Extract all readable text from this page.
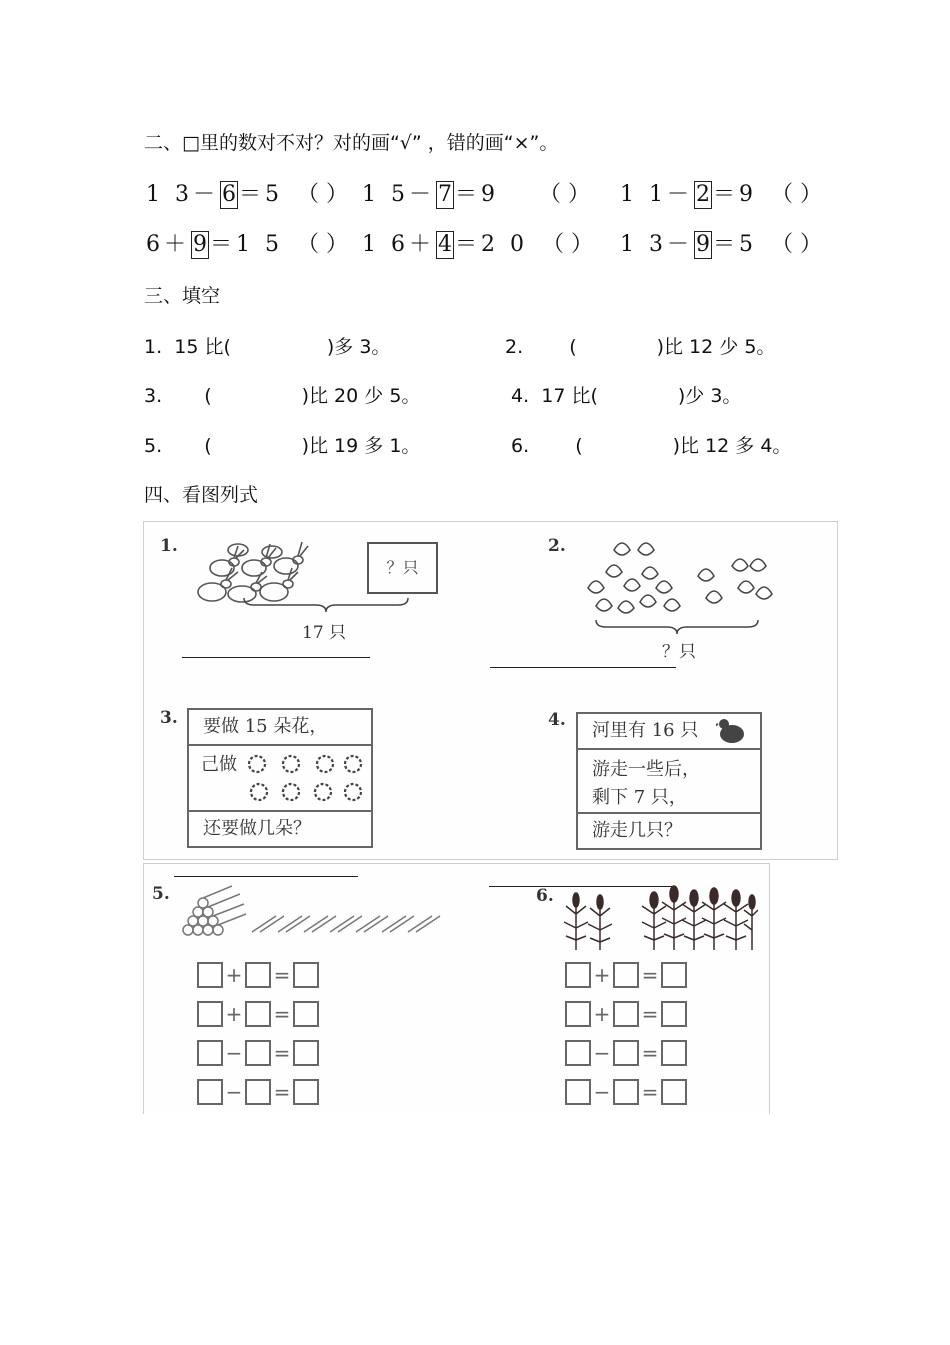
二、□里的数对不对？对的画“√” ，错的画“×”。
1 3－ 6 ＝5 （ ） 1 5－ 7 ＝9 （ ） 1 1－ 2 ＝9 （ ）
6＋ 9 ＝1 5 （ ） 1 6＋ 4 ＝2 0 （ ） 1 3－ 9 ＝5 （ ）
三、填空
1. 15 比(	)多 3。	2. (	)比 12 少 5。
3. (	)比 20 少 5。	4. 17 比(	)少 3。
5. (	)比 19 多 1。	6. (	)比 12 多 4。
四、看图列式
1.
？只
17 只
2.
？只
3.	要做 15 朵花，
己做
还要做几朵？
4.	河里有 16 只
游走一些后，
剩下 7 只，
游走几只？
5.
+ =
+ =
− =
− =
6.
+ =
+ =
− =
− =
